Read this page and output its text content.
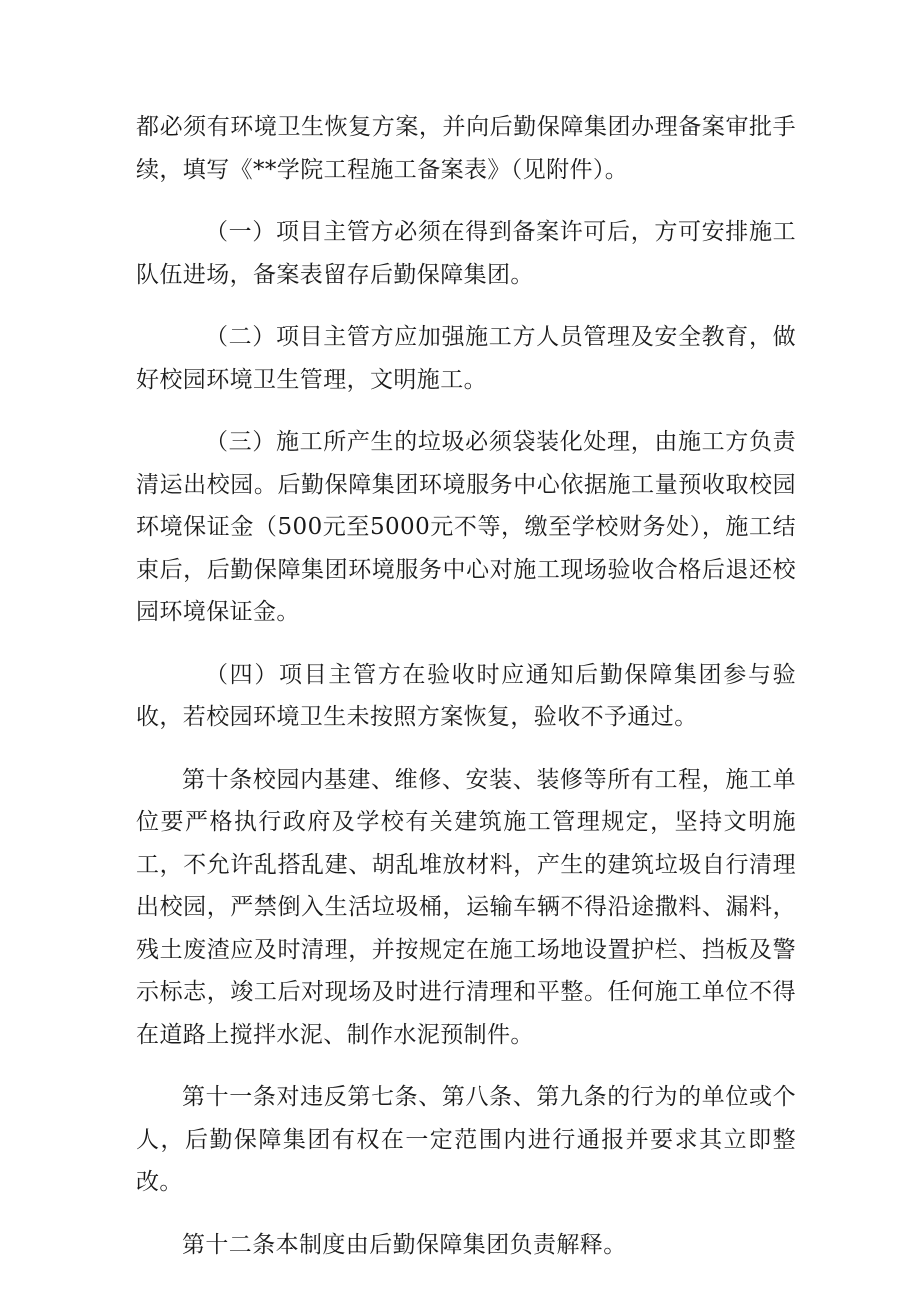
都必须有环境卫生恢复方案，并向后勤保障集团办理备案审批手续，填写《**学院工程施工备案表》（见附件）。

（一）项目主管方必须在得到备案许可后，方可安排施工队伍进场，备案表留存后勤保障集团。

（二）项目主管方应加强施工方人员管理及安全教育，做好校园环境卫生管理，文明施工。

（三）施工所产生的垃圾必须袋装化处理，由施工方负责清运出校园。后勤保障集团环境服务中心依据施工量预收取校园环境保证金（500元至5000元不等，缴至学校财务处），施工结束后，后勤保障集团环境服务中心对施工现场验收合格后退还校园环境保证金。

（四）项目主管方在验收时应通知后勤保障集团参与验收，若校园环境卫生未按照方案恢复，验收不予通过。

第十条校园内基建、维修、安装、装修等所有工程，施工单位要严格执行政府及学校有关建筑施工管理规定，坚持文明施工，不允许乱搭乱建、胡乱堆放材料，产生的建筑垃圾自行清理出校园，严禁倒入生活垃圾桶，运输车辆不得沿途撒料、漏料，残土废渣应及时清理，并按规定在施工场地设置护栏、挡板及警示标志，竣工后对现场及时进行清理和平整。任何施工单位不得在道路上搅拌水泥、制作水泥预制件。

第十一条对违反第七条、第八条、第九条的行为的单位或个人，后勤保障集团有权在一定范围内进行通报并要求其立即整改。

第十二条本制度由后勤保障集团负责解释。
